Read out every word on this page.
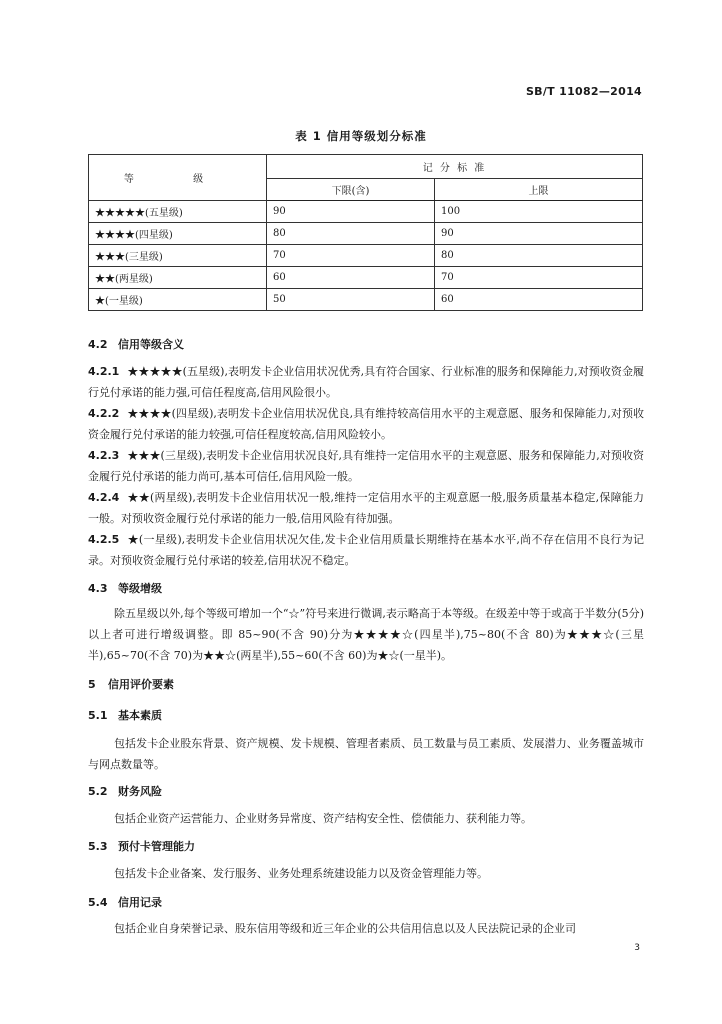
SB/T 11082—2014
表 1 信用等级划分标准
等 级	记 分 标 准	
	下限(含)	上限
★★★★★(五星级)	90	100
★★★★(四星级)	80	90
★★★(三星级)	70	80
★★(两星级)	60	70
★(一星级)	50	60
4.2 信用等级含义
4.2.1 ★★★★★(五星级),表明发卡企业信用状况优秀,具有符合国家、行业标准的服务和保障能力,对预收资金履行兑付承诺的能力强,可信任程度高,信用风险很小。
4.2.2 ★★★★(四星级),表明发卡企业信用状况优良,具有维持较高信用水平的主观意愿、服务和保障能力,对预收资金履行兑付承诺的能力较强,可信任程度较高,信用风险较小。
4.2.3 ★★★(三星级),表明发卡企业信用状况良好,具有维持一定信用水平的主观意愿、服务和保障能力,对预收资金履行兑付承诺的能力尚可,基本可信任,信用风险一般。
4.2.4 ★★(两星级),表明发卡企业信用状况一般,维持一定信用水平的主观意愿一般,服务质量基本稳定,保障能力一般。对预收资金履行兑付承诺的能力一般,信用风险有待加强。
4.2.5 ★(一星级),表明发卡企业信用状况欠佳,发卡企业信用质量长期维持在基本水平,尚不存在信用不良行为记录。对预收资金履行兑付承诺的较差,信用状况不稳定。
4.3 等级增级
除五星级以外,每个等级可增加一个“☆”符号来进行微调,表示略高于本等级。在级差中等于或高于半数分(5分)以上者可进行增级调整。即 85~90(不含 90)分为★★★★☆(四星半),75~80(不含 80)为★★★☆(三星半),65~70(不含 70)为★★☆(两星半),55~60(不含 60)为★☆(一星半)。
5 信用评价要素
5.1 基本素质
包括发卡企业股东背景、资产规模、发卡规模、管理者素质、员工数量与员工素质、发展潜力、业务覆盖城市与网点数量等。
5.2 财务风险
包括企业资产运营能力、企业财务异常度、资产结构安全性、偿债能力、获利能力等。
5.3 预付卡管理能力
包括发卡企业备案、发行服务、业务处理系统建设能力以及资金管理能力等。
5.4 信用记录
包括企业自身荣誉记录、股东信用等级和近三年企业的公共信用信息以及人民法院记录的企业司
3
